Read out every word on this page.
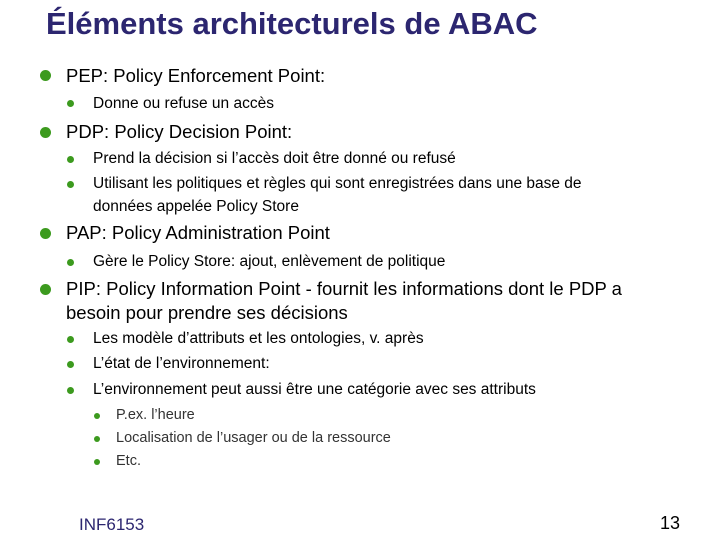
Éléments architecturels de ABAC
PEP: Policy Enforcement Point:
Donne ou refuse un accès
PDP: Policy Decision Point:
Prend la décision si l’accès doit être donné ou refusé
Utilisant les politiques et règles qui sont enregistrées dans une base de
données appelée Policy Store
PAP: Policy Administration Point
Gère le Policy Store: ajout, enlèvement de politique
PIP: Policy Information Point - fournit les informations dont le PDP a
besoin pour prendre ses décisions
Les modèle d’attributs et les ontologies, v. après
L’état de l’environnement:
L’environnement peut aussi être une catégorie avec ses attributs
P.ex. l’heure
Localisation de l’usager ou de la ressource
Etc.
INF6153	13
